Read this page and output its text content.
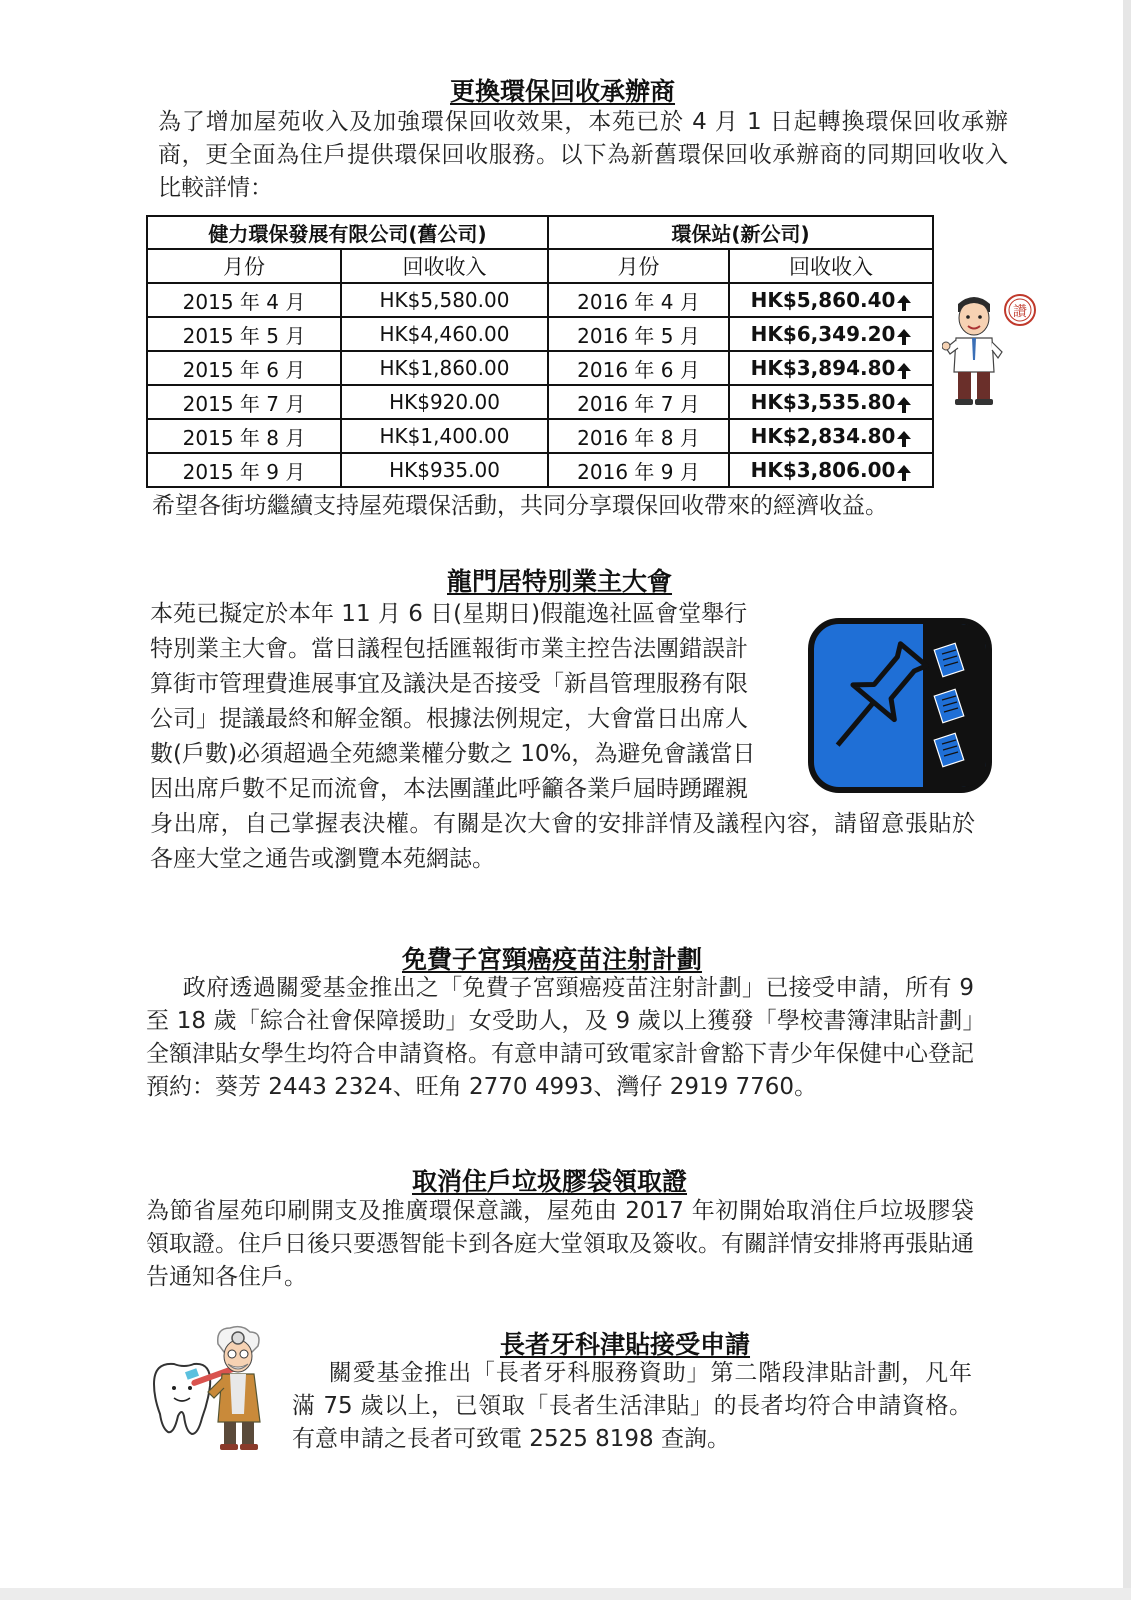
更換環保回收承辦商
為了增加屋苑收入及加強環保回收效果，本苑已於 4 月 1 日起轉換環保回收承辦商，更全面為住戶提供環保回收服務。以下為新舊環保回收承辦商的同期回收收入比較詳情：
健力環保發展有限公司(舊公司)		環保站(新公司)	
月份	回收收入	月份	回收收入
2015 年 4 月	HK$5,580.00	2016 年 4 月	HK$5,860.40
2015 年 5 月	HK$4,460.00	2016 年 5 月	HK$6,349.20
2015 年 6 月	HK$1,860.00	2016 年 6 月	HK$3,894.80
2015 年 7 月	HK$920.00	2016 年 7 月	HK$3,535.80
2015 年 8 月	HK$1,400.00	2016 年 8 月	HK$2,834.80
2015 年 9 月	HK$935.00	2016 年 9 月	HK$3,806.00
讚
希望各街坊繼續支持屋苑環保活動，共同分享環保回收帶來的經濟收益。
龍門居特別業主大會
本苑已擬定於本年 11 月 6 日(星期日)假龍逸社區會堂舉行
特別業主大會。當日議程包括匯報街市業主控告法團錯誤計
算街市管理費進展事宜及議決是否接受「新昌管理服務有限
公司」提議最終和解金額。根據法例規定，大會當日出席人
數(戶數)必須超過全苑總業權分數之 10%，為避免會議當日
因出席戶數不足而流會，本法團謹此呼籲各業戶屆時踴躍親
身出席，自己掌握表決權。有關是次大會的安排詳情及議程內容，請留意張貼於各座大堂之通告或瀏覽本苑網誌。
免費子宮頸癌疫苗注射計劃
政府透過關愛基金推出之「免費子宮頸癌疫苗注射計劃」已接受申請，所有 9 至 18 歲「綜合社會保障援助」女受助人，及 9 歲以上獲發「學校書簿津貼計劃」全額津貼女學生均符合申請資格。有意申請可致電家計會豁下青少年保健中心登記預約：葵芳 2443 2324、旺角 2770 4993、灣仔 2919 7760。
取消住戶垃圾膠袋領取證
為節省屋苑印刷開支及推廣環保意識，屋苑由 2017 年初開始取消住戶垃圾膠袋領取證。住戶日後只要憑智能卡到各庭大堂領取及簽收。有關詳情安排將再張貼通告通知各住戶。
長者牙科津貼接受申請
關愛基金推出「長者牙科服務資助」第二階段津貼計劃，凡年滿 75 歲以上，已領取「長者生活津貼」的長者均符合申請資格。有意申請之長者可致電 2525 8198 查詢。
